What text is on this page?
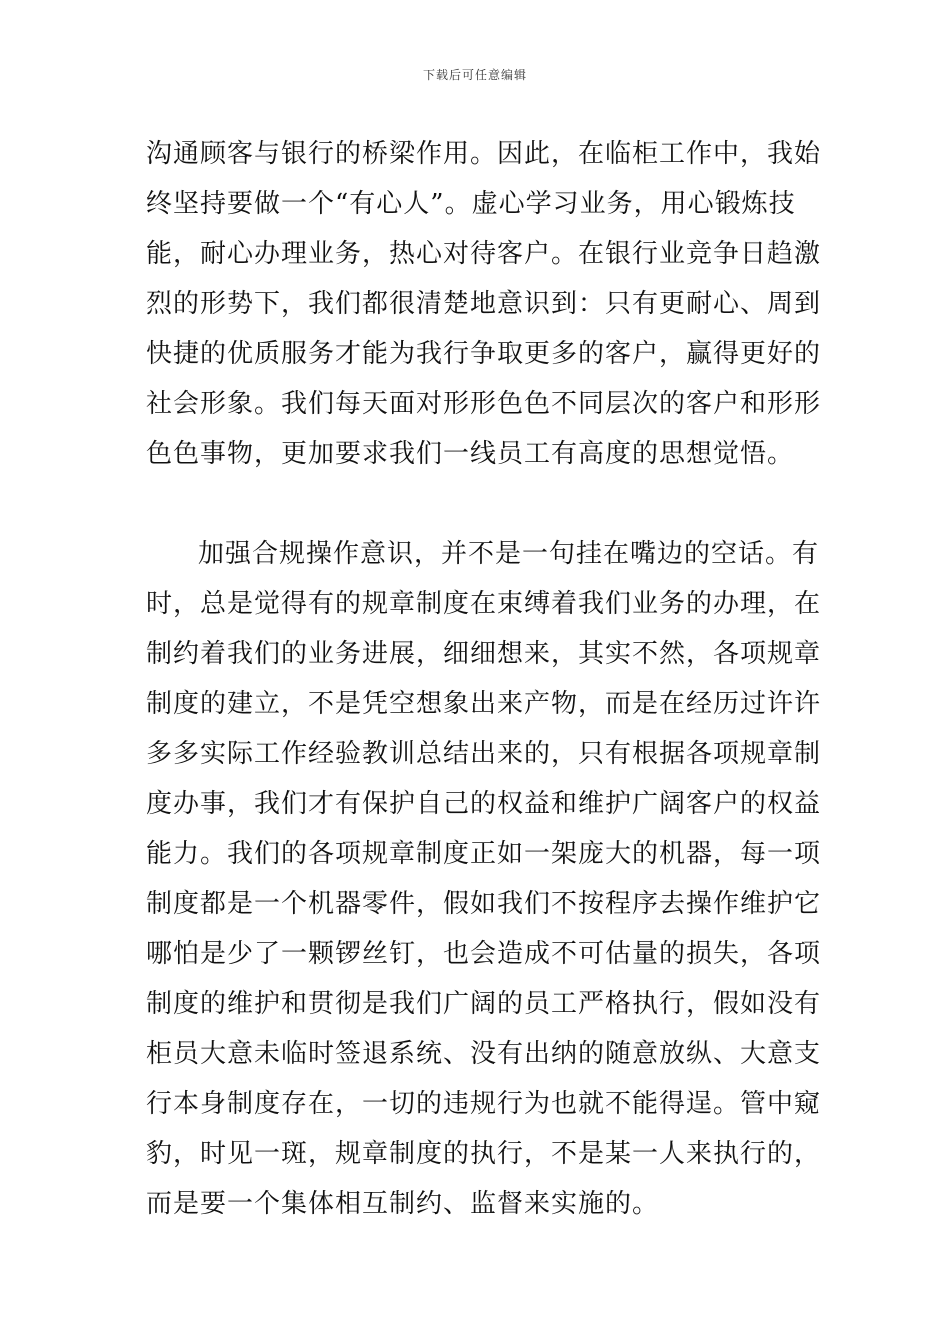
下载后可任意编辑
沟通顾客与银行的桥梁作用。因此，在临柜工作中，我始
终坚持要做一个“有心人”。虚心学习业务，用心锻炼技
能，耐心办理业务，热心对待客户。在银行业竞争日趋激
烈的形势下，我们都很清楚地意识到：只有更耐心、周到
快捷的优质服务才能为我行争取更多的客户，赢得更好的
社会形象。我们每天面对形形色色不同层次的客户和形形
色色事物，更加要求我们一线员工有高度的思想觉悟。
加强合规操作意识，并不是一句挂在嘴边的空话。有
时，总是觉得有的规章制度在束缚着我们业务的办理，在
制约着我们的业务进展，细细想来，其实不然，各项规章
制度的建立，不是凭空想象出来产物，而是在经历过许许
多多实际工作经验教训总结出来的，只有根据各项规章制
度办事，我们才有保护自己的权益和维护广阔客户的权益
能力。我们的各项规章制度正如一架庞大的机器，每一项
制度都是一个机器零件，假如我们不按程序去操作维护它
哪怕是少了一颗锣丝钉，也会造成不可估量的损失，各项
制度的维护和贯彻是我们广阔的员工严格执行，假如没有
柜员大意未临时签退系统、没有出纳的随意放纵、大意支
行本身制度存在，一切的违规行为也就不能得逞。管中窥
豹，时见一斑，规章制度的执行，不是某一人来执行的，
而是要一个集体相互制约、监督来实施的。
